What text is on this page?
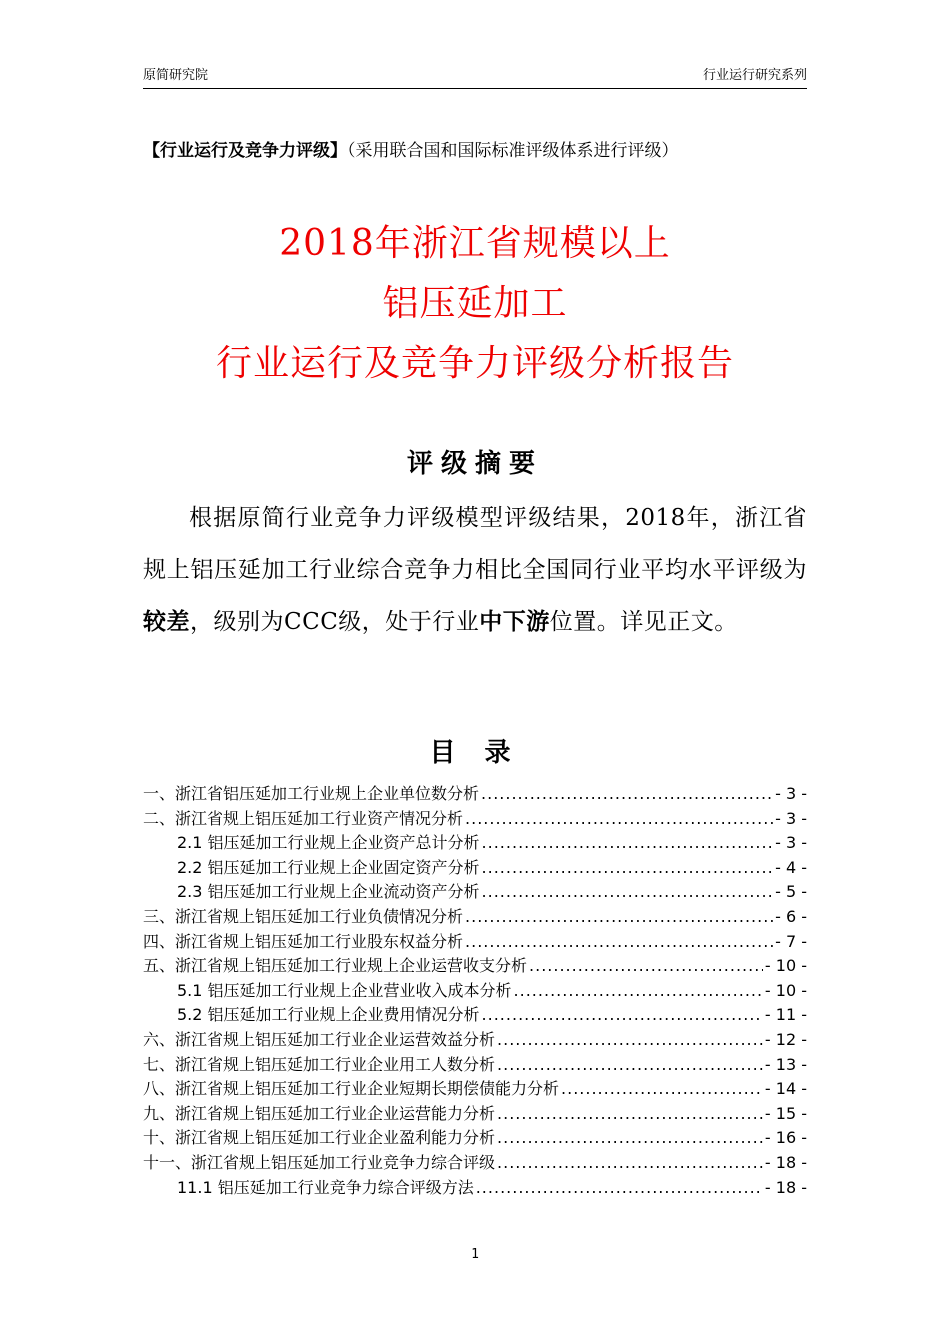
原简研究院	行业运行研究系列
【行业运行及竞争力评级】（采用联合国和国际标准评级体系进行评级）
2018年浙江省规模以上
铝压延加工
行业运行及竞争力评级分析报告
评级摘要
根据原简行业竞争力评级模型评级结果，2018年，浙江省规上铝压延加工行业综合竞争力相比全国同行业平均水平评级为较差，级别为CCC级，处于行业中下游位置。详见正文。
目 录
一、浙江省铝压延加工行业规上企业单位数分析 .....	- 3 -
二、浙江省规上铝压延加工行业资产情况分析 .....	- 3 -
2.1 铝压延加工行业规上企业资产总计分析 .....	- 3 -
2.2 铝压延加工行业规上企业固定资产分析 .....	- 4 -
2.3 铝压延加工行业规上企业流动资产分析 .....	- 5 -
三、浙江省规上铝压延加工行业负债情况分析 .....	- 6 -
四、浙江省规上铝压延加工行业股东权益分析 .....	- 7 -
五、浙江省规上铝压延加工行业规上企业运营收支分析 .....	- 10 -
5.1 铝压延加工行业规上企业营业收入成本分析 .....	- 10 -
5.2 铝压延加工行业规上企业费用情况分析 .....	- 11 -
六、浙江省规上铝压延加工行业企业运营效益分析 .....	- 12 -
七、浙江省规上铝压延加工行业企业用工人数分析 .....	- 13 -
八、浙江省规上铝压延加工行业企业短期长期偿债能力分析 .....	- 14 -
九、浙江省规上铝压延加工行业企业运营能力分析 .....	- 15 -
十、浙江省规上铝压延加工行业企业盈利能力分析 .....	- 16 -
十一、浙江省规上铝压延加工行业竞争力综合评级 .....	- 18 -
11.1 铝压延加工行业竞争力综合评级方法 .....	- 18 -
1
